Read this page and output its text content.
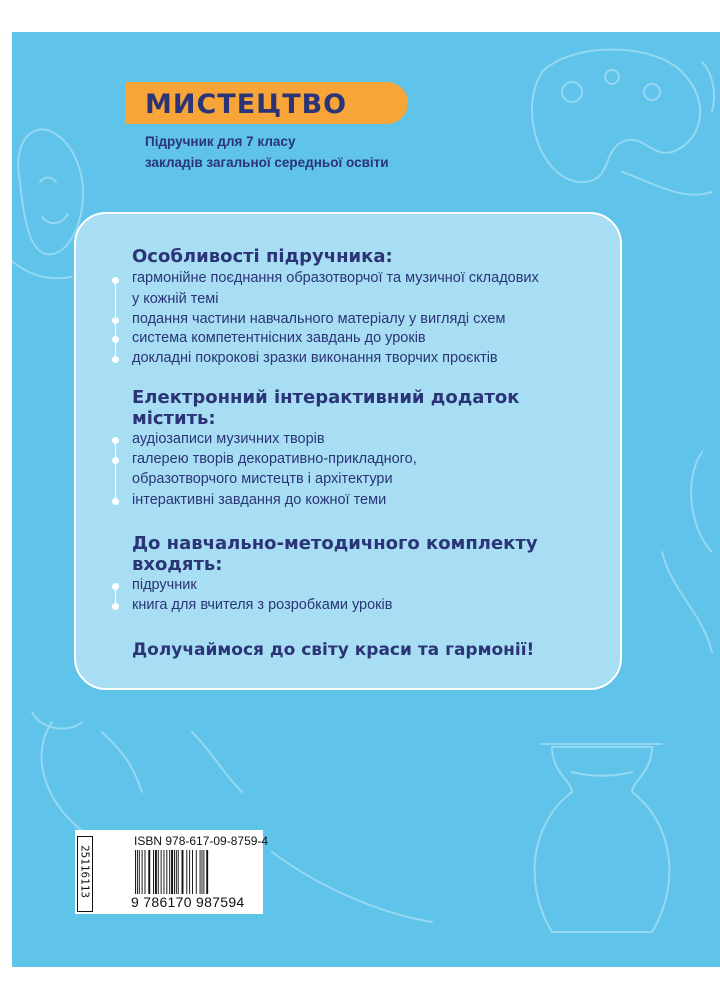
МИСТЕЦТВО
Підручник для 7 класу
закладів загальної середньої освіти
Особливості підручника:
гармонійне поєднання образотворчої та музичної складових
у кожній темі
подання частини навчального матеріалу у вигляді схем
система компетентнісних завдань до уроків
докладні покрокові зразки виконання творчих проєктів
Електронний інтерактивний додаток
містить:
аудіозаписи музичних творів
галерею творів декоративно-прикладного,
образотворчого мистецтв і архітектури
інтерактивні завдання до кожної теми
До навчально-методичного комплекту
входять:
підручник
книга для вчителя з розробками уроків
Долучаймося до світу краси та гармонії!
25116113
ISBN 978-617-09-8759-4
9 786170 987594
